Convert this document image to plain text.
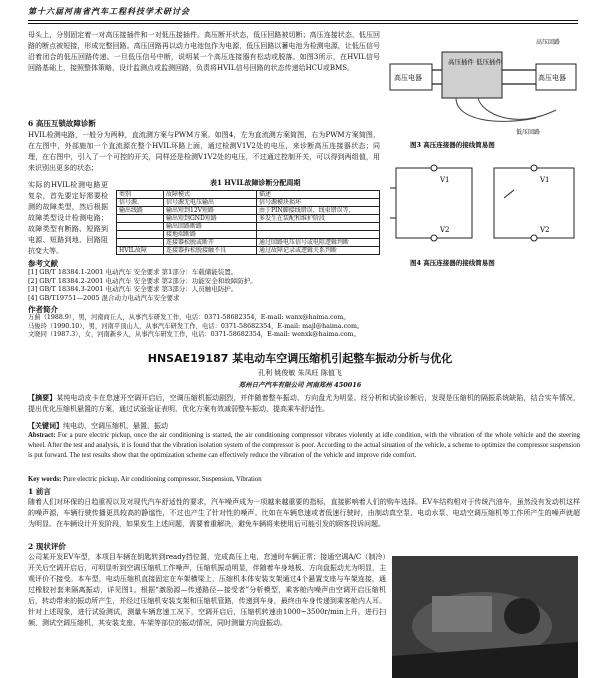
第十六届河南省汽车工程科技学术研讨会

母头上，分别固定着一对高压接插件和一对低压接插件。高压断开状态，低压回路被切断；高压连接状态，低压回路的断点被短接，形成完整回路。高压回路再以动力电池包作为电源，低压回路以蓄电池为检测电源，让低压信号沿着闭合的低压回路传递。一旦低压信号中断，说明某一个高压连接器有松动或脱落。如图3所示，在HVIL信号回路基础上，接照整体策略，设计监测点或监测回路，负责将HVIL信号回路的状态传递给HCU或BMS。

6 高压互锁故障诊断

HVIL检测电路，一般分为两种，直流测方案与PWM方案。如图4，左为直流测方案简图，右为PWM方案简图，在左图中，外部施加一个直流源在整个HVIL环路上面，通过检测V1V2处的电压，来诊断高压连接器状态；同理，在右图中，引入了一个可控的开关，同样还是检测V1V2处的电压，不过通过控制开关，可以得到两组值，用来识别出更多的状态；

实际的HVIL检测电路更复杂，首先要定好需要检测的故障类型，然后根据故障类型设计检测电路；故障类型有断路、短路到电源、短路到地、回路阻抗变大等。

表1 HVIL故障诊断分配周期
类别	故障模式	描述
信号源、	信号源无电压输出	信号源模块损坏
输出线路	输出短到12V短路	由于PIN脚接线错误、线束错误等，
	输出短到GND短路	多发生在装配和维护阶段
	输出回路断路	
	接地端断路	
	连接器松脱或断开	通过回路电压信号或电阻逻辑判断
HVIL故障	连接器拆松脱接触不良	通过故障记录或逻辑关系判断
参考文献
[1] GB/T 18384.1-2001 电动汽车 安全要求 第1部分：车载储能装置。
[2] GB/T 18384.2-2001 电动汽车 安全要求 第2部分：功能安全和故障防护。
[3] GB/T 18384.3-2001 电动汽车 安全要求 第3部分：人员触电防护。
[4] GB/T19751—2005 混合动力电动汽车安全要求
作者简介
万蓟（1988.9），男，河南商丘人，从事汽车研发工作，电话：0371-58682354，E-mail: wanx@haima.com。
马俊玲（1990.10），男，河南平顶山人，从事汽车研发工作，电话：0371-58682354，E-mail: majl@haima.com。
文晓同（1987.3），女，河南新乡人，从事汽车研发工作，电话：0371-58682354，E-mail: wenxk@haima.com。
高压电器
高压插件 低压插件
高压电器
低压回路
高压回路
图3 高压连接器的接线简易图
V1
V2
V1
V2
图4 高压连接器的接线简易图
HNSAE19187 某电动车空调压缩机引起整车振动分析与优化
孔利 姚俊敏 朱凤旺 陈值飞
郑州日产汽车有限公司 河南郑州 450016

【摘要】某纯电动皮卡在怠速开空调开启后，空调压缩机振动剧烈，并伴随着整车振动、方向盘尤为明显。经分析和试验诊断后，发现是压缩机的隔振系统缺陷，结合实车情况，提出优化压缩机悬置的方案，通过试验验证表明，优化方案有效减弱整车振动，提高乘车舒适性。

【关键词】纯电动，空调压缩机，悬置，振动

Abstract: For a pure electric pickup, once the air conditioning is started, the air conditioning compressor vibrates violently at idle condition, with the vibration of the whole vehicle and the steering wheel. After the test and analysis, it is found that the vibration isolation system of the compressor is poor. According to the actual situation of the vehicle, a scheme to optimize the compressor suspension is put forward. The test results show that the optimization scheme can effectively reduce the vibration of the vehicle and improve ride comfort.

Key words: Pure electric pickup, Air conditioning compressor, Suspension, Vibration

1 前言

随着人们对环保的日趋重视以及对现代汽车舒适性的要求，汽车噪声成为一项越来越重要的指标，直接影响着人们的购车选择。EV车结构相对于传统汽油车，虽然没有发动机这样的噪声源，车辆行驶传播更具较高的静谧性，不过也产生了针对性的噪声。比如在车辆怠速或者低速行驶时，由制动真空泵、电动水泵、电动空调压缩机等工作所产生的噪声就超为明显。在车辆设计开发阶段，如果发生上述问题，需要着重解决，避免车辆将来使用后可能引发的顾客投诉问题。

2 现状评价

公司某开发EV车型，本项目车辆在钥匙转到ready挡位置，完成高压上电，怠速时车辆正常；接通空调A/C（制冷）开关后空调开启后，可明显听到空调压缩机工作噪声，压缩机振动明显，伴随着车身地板、方向盘振动尤为明显，主观评价不接受。本车型，电动压缩机直接固定在车架横梁上，压缩机本体安装支架通过4个悬置支座与车架连接，通过橡胶衬套来隔离振动，详见图1。根据“激励源—传递路径—接受者”分析模型，乘客舱内噪声由空调开启压缩机后，转动带来的振动所产生，并经过压缩机安装支架和压缩机管路，传递到车身，最终由车身传递到乘客舱内人耳。针对上述现象，进行试验测试，测量车辆怠速工况下，空调开启后，压缩机转速由1000~3500r/min上升，进行扫频，测试空调压缩机，其安装支座、车架等部位的振动情况，同时测量方向盘振动。
